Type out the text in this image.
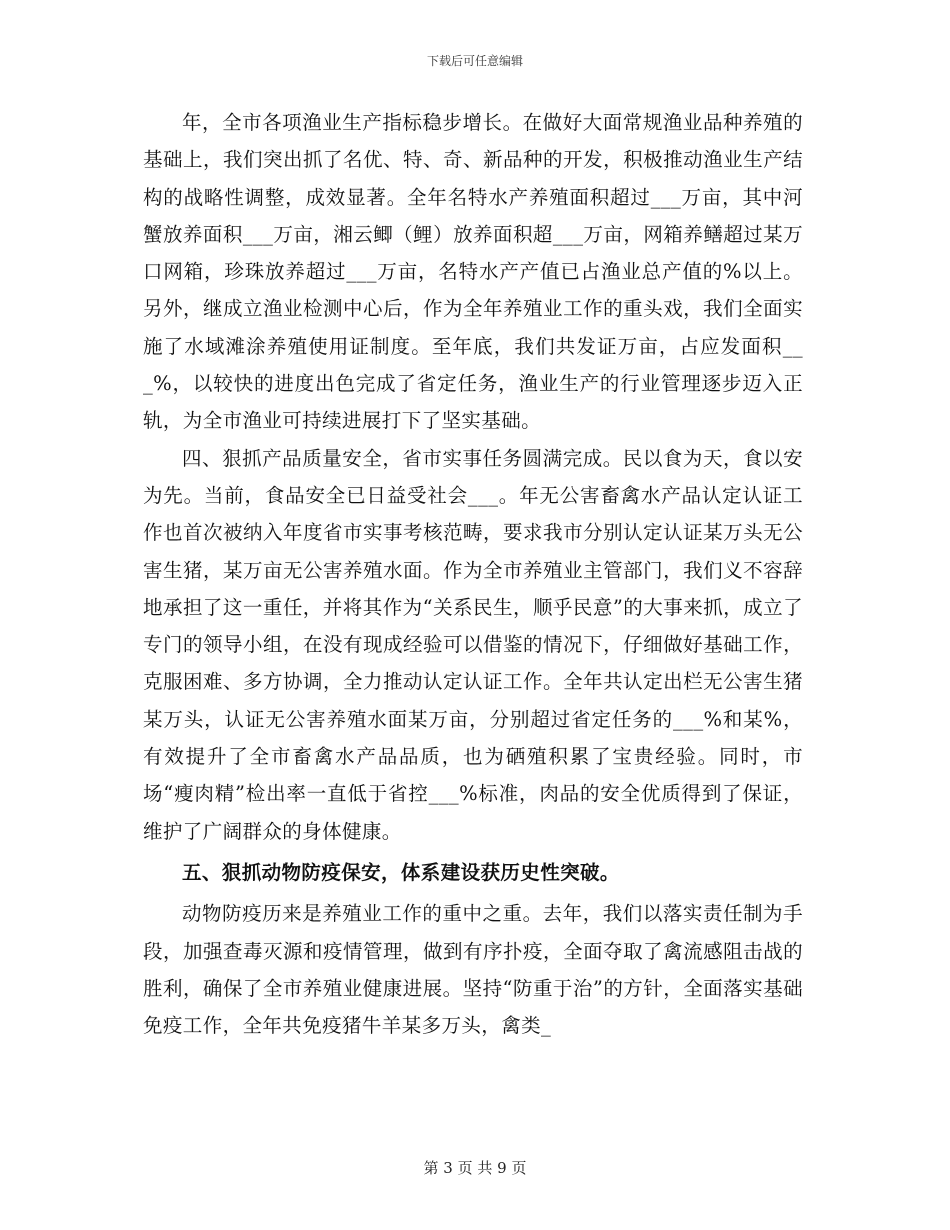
下载后可任意编辑

年，全市各项渔业生产指标稳步增长。在做好大面常规渔业品种养殖的基础上，我们突出抓了名优、特、奇、新品种的开发，积极推动渔业生产结构的战略性调整，成效显著。全年名特水产养殖面积超过___万亩，其中河蟹放养面积___万亩，湘云鲫（鲤）放养面积超___万亩，网箱养鳝超过某万口网箱，珍珠放养超过___万亩，名特水产产值已占渔业总产值的%以上。另外，继成立渔业检测中心后，作为全年养殖业工作的重头戏，我们全面实施了水域滩涂养殖使用证制度。至年底，我们共发证万亩，占应发面积___%，以较快的进度出色完成了省定任务，渔业生产的行业管理逐步迈入正轨，为全市渔业可持续进展打下了坚实基础。

四、狠抓产品质量安全，省市实事任务圆满完成。民以食为天，食以安为先。当前，食品安全已日益受社会___。年无公害畜禽水产品认定认证工作也首次被纳入年度省市实事考核范畴，要求我市分别认定认证某万头无公害生猪，某万亩无公害养殖水面。作为全市养殖业主管部门，我们义不容辞地承担了这一重任，并将其作为“关系民生，顺乎民意”的大事来抓，成立了专门的领导小组，在没有现成经验可以借鉴的情况下，仔细做好基础工作，克服困难、多方协调，全力推动认定认证工作。全年共认定出栏无公害生猪某万头，认证无公害养殖水面某万亩，分别超过省定任务的___%和某%，有效提升了全市畜禽水产品品质，也为硒殖积累了宝贵经验。同时，市场“瘦肉精”检出率一直低于省控___%标准，肉品的安全优质得到了保证，维护了广阔群众的身体健康。

五、狠抓动物防疫保安，体系建设获历史性突破。

动物防疫历来是养殖业工作的重中之重。去年，我们以落实责任制为手段，加强查毒灭源和疫情管理，做到有序扑疫，全面夺取了禽流感阻击战的胜利，确保了全市养殖业健康进展。坚持“防重于治”的方针，全面落实基础免疫工作，全年共免疫猪牛羊某多万头，禽类_

第 3 页 共 9 页
